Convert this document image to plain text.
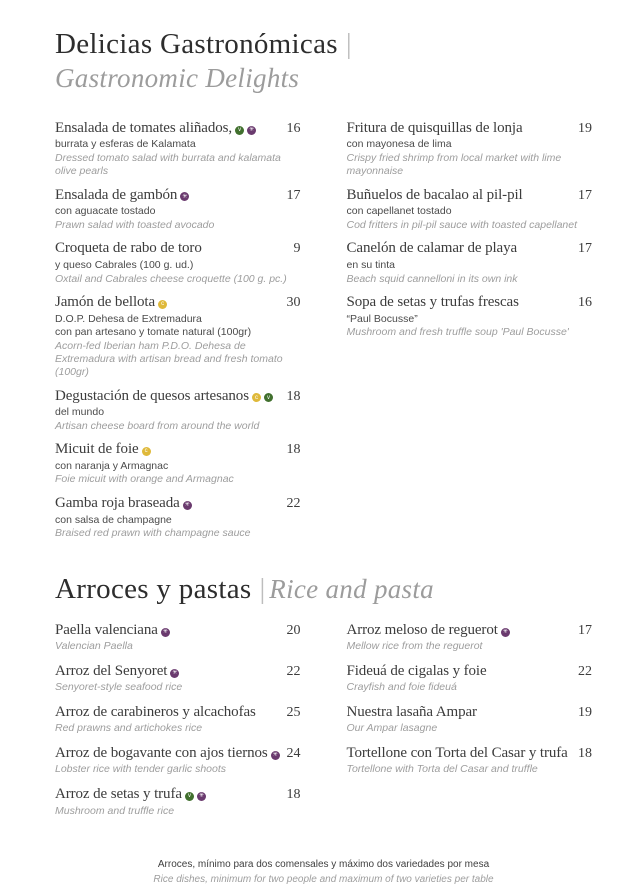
Delicias Gastronómicas |
Gastronomic Delights
Ensalada de tomates aliñados, v ✳	16
burrata y esferas de Kalamata
Dressed tomato salad with burrata and kalamata olive pearls
Ensalada de gambón ✳	17
con aguacate tostado
Prawn salad with toasted avocado
Croqueta de rabo de toro	9
y queso Cabrales (100 g. ud.)
Oxtail and Cabrales cheese croquette (100 g. pc.)
Jamón de bellota c	30
D.O.P. Dehesa de Extremadura
con pan artesano y tomate natural (100gr)
Acorn-fed Iberian ham P.D.O. Dehesa de Extremadura with artisan bread and fresh tomato (100gr)
Degustación de quesos artesanos c v	18
del mundo
Artisan cheese board from around the world
Micuit de foie c	18
con naranja y Armagnac
Foie micuit with orange and Armagnac
Gamba roja braseada ✳	22
con salsa de champagne
Braised red prawn with champagne sauce
Fritura de quisquillas de lonja	19
con mayonesa de lima
Crispy fried shrimp from local market with lime mayonnaise
Buñuelos de bacalao al pil-pil	17
con capellanet tostado
Cod fritters in pil-pil sauce with toasted capellanet
Canelón de calamar de playa	17
en su tinta
Beach squid cannelloni in its own ink
Sopa de setas y trufas frescas	16
“Paul Bocusse”
Mushroom and fresh truffle soup 'Paul Bocusse'
Arroces y pastas | Rice and pasta
Paella valenciana ✳	20
Valencian Paella
Arroz del Senyoret ✳	22
Senyoret-style seafood rice
Arroz de carabineros y alcachofas	25
Red prawns and artichokes rice
Arroz de bogavante con ajos tiernos ✳ 24
Lobster rice with tender garlic shoots
Arroz de setas y trufa v ✳	18
Mushroom and truffle rice
Arroz meloso de reguerot ✳	17
Mellow rice from the reguerot
Fideuá de cigalas y foie	22
Crayfish and foie fideuá
Nuestra lasaña Ampar	19
Our Ampar lasagne
Tortellone con Torta del Casar y trufa 18
Tortellone with Torta del Casar and truffle
Arroces, mínimo para dos comensales y máximo dos variedades por mesa
Rice dishes, minimum for two people and maximum of two varieties per table
